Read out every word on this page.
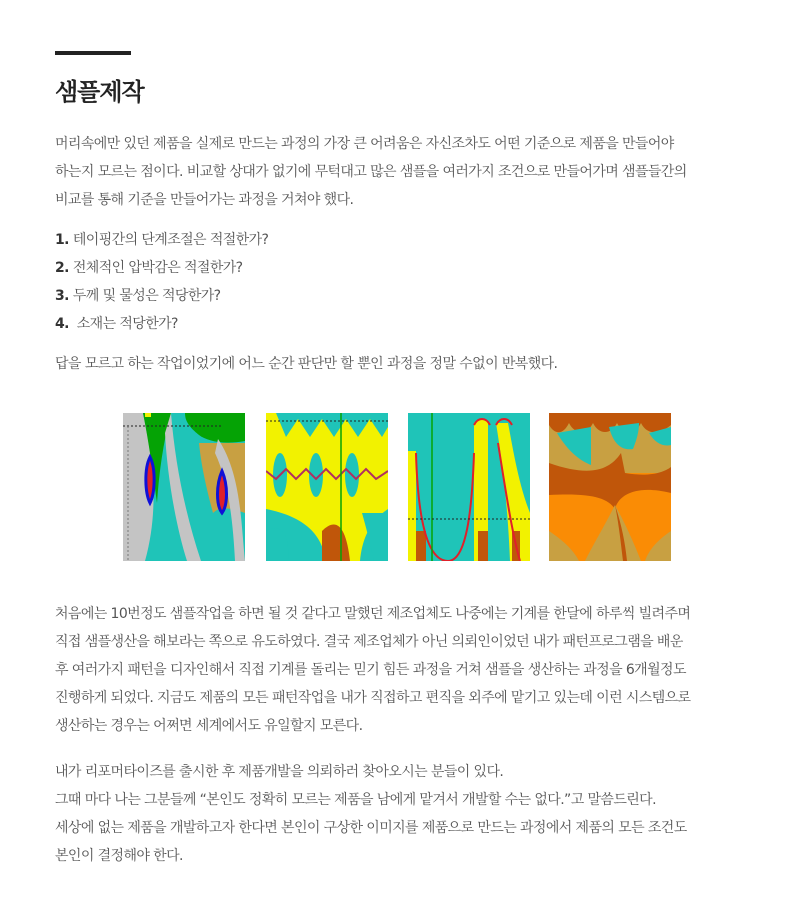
샘플제작

머리속에만 있던 제품을 실제로 만드는 과정의 가장 큰 어려움은 자신조차도 어떤 기준으로 제품을 만들어야
하는지 모르는 점이다. 비교할 상대가 없기에 무턱대고 많은 샘플을 여러가지 조건으로 만들어가며 샘플들간의
비교를 통해 기준을 만들어가는 과정을 거쳐야 했다.

1. 테이핑간의 단계조절은 적절한가?
2. 전체적인 압박감은 적절한가?
3. 두께 및 물성은 적당한가?
4. 소재는 적당한가?

답을 모르고 하는 작업이었기에 어느 순간 판단만 할 뿐인 과정을 정말 수없이 반복했다.

처음에는 10번정도 샘플작업을 하면 될 것 같다고 말했던 제조업체도 나중에는 기계를 한달에 하루씩 빌려주며
직접 샘플생산을 해보라는 쪽으로 유도하였다. 결국 제조업체가 아닌 의뢰인이었던 내가 패턴프로그램을 배운
후 여러가지 패턴을 디자인해서 직접 기계를 돌리는 믿기 힘든 과정을 거쳐 샘플을 생산하는 과정을 6개월정도
진행하게 되었다. 지금도 제품의 모든 패턴작업을 내가 직접하고 편직을 외주에 맡기고 있는데 이런 시스템으로
생산하는 경우는 어쩌면 세계에서도 유일할지 모른다.

내가 리포머타이즈를 출시한 후 제품개발을 의뢰하러 찾아오시는 분들이 있다.
그때 마다 나는 그분들께 “본인도 정확히 모르는 제품을 남에게 맡겨서 개발할 수는 없다.”고 말씀드린다.
세상에 없는 제품을 개발하고자 한다면 본인이 구상한 이미지를 제품으로 만드는 과정에서 제품의 모든 조건도
본인이 결정해야 한다.
